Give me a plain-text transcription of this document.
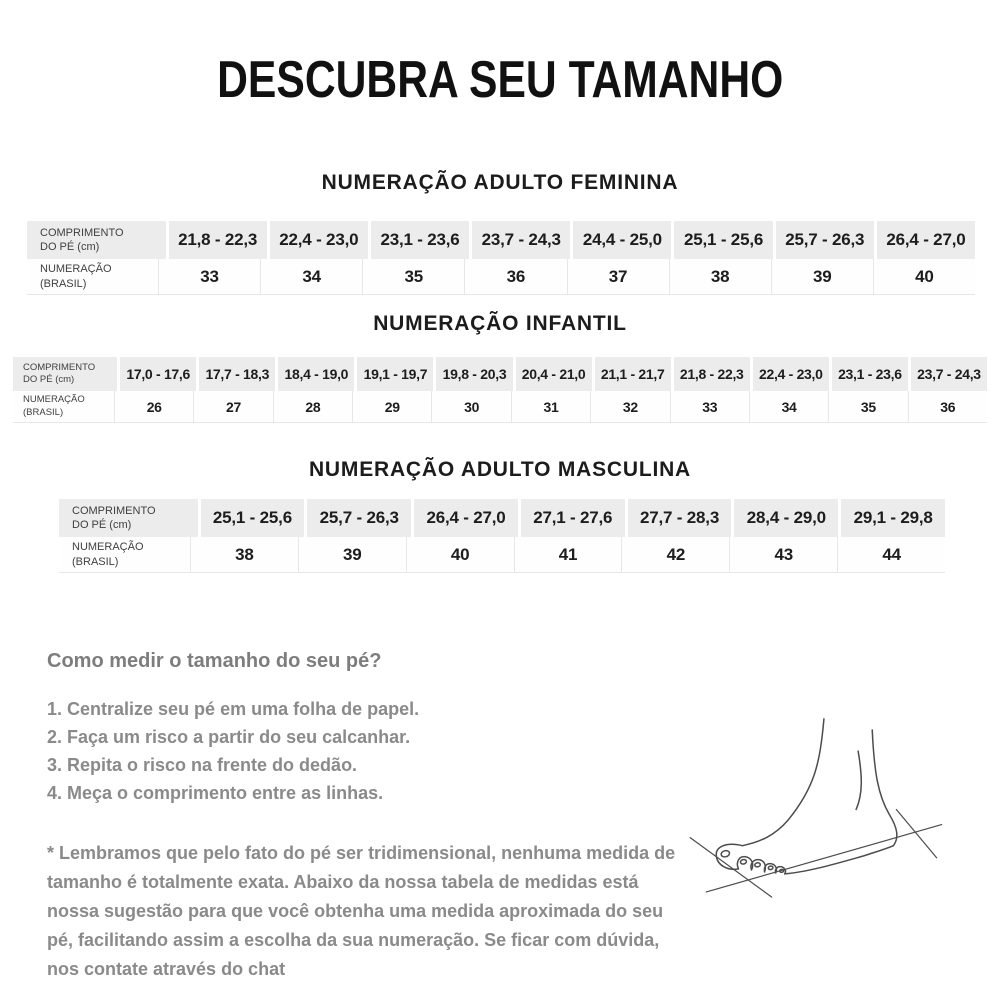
DESCUBRA SEU TAMANHO
NUMERAÇÃO ADULTO FEMININA
COMPRIMENTO DO PÉ (cm)	21,8 - 22,3	22,4 - 23,0	23,1 - 23,6	23,7 - 24,3	24,4 - 25,0	25,1 - 25,6	25,7 - 26,3	26,4 - 27,0
NUMERAÇÃO (BRASIL)	33	34	35	36	37	38	39	40
NUMERAÇÃO INFANTIL
COMPRIMENTO DO PÉ (cm)	17,0 - 17,6	17,7 - 18,3	18,4 - 19,0	19,1 - 19,7	19,8 - 20,3	20,4 - 21,0	21,1 - 21,7	21,8 - 22,3	22,4 - 23,0	23,1 - 23,6	23,7 - 24,3
NUMERAÇÃO (BRASIL)	26	27	28	29	30	31	32	33	34	35	36
NUMERAÇÃO ADULTO MASCULINA
COMPRIMENTO DO PÉ (cm)	25,1 - 25,6	25,7 - 26,3	26,4 - 27,0	27,1 - 27,6	27,7 - 28,3	28,4 - 29,0	29,1 - 29,8
NUMERAÇÃO (BRASIL)	38	39	40	41	42	43	44

Como medir o tamanho do seu pé?

1. Centralize seu pé em uma folha de papel.
2. Faça um risco a partir do seu calcanhar.
3. Repita o risco na frente do dedão.
4. Meça o comprimento entre as linhas.
* Lembramos que pelo fato do pé ser tridimensional, nenhuma medida de tamanho é totalmente exata. Abaixo da nossa tabela de medidas está nossa sugestão para que você obtenha uma medida aproximada do seu pé, facilitando assim a escolha da sua numeração. Se ficar com dúvida, nos contate através do chat
